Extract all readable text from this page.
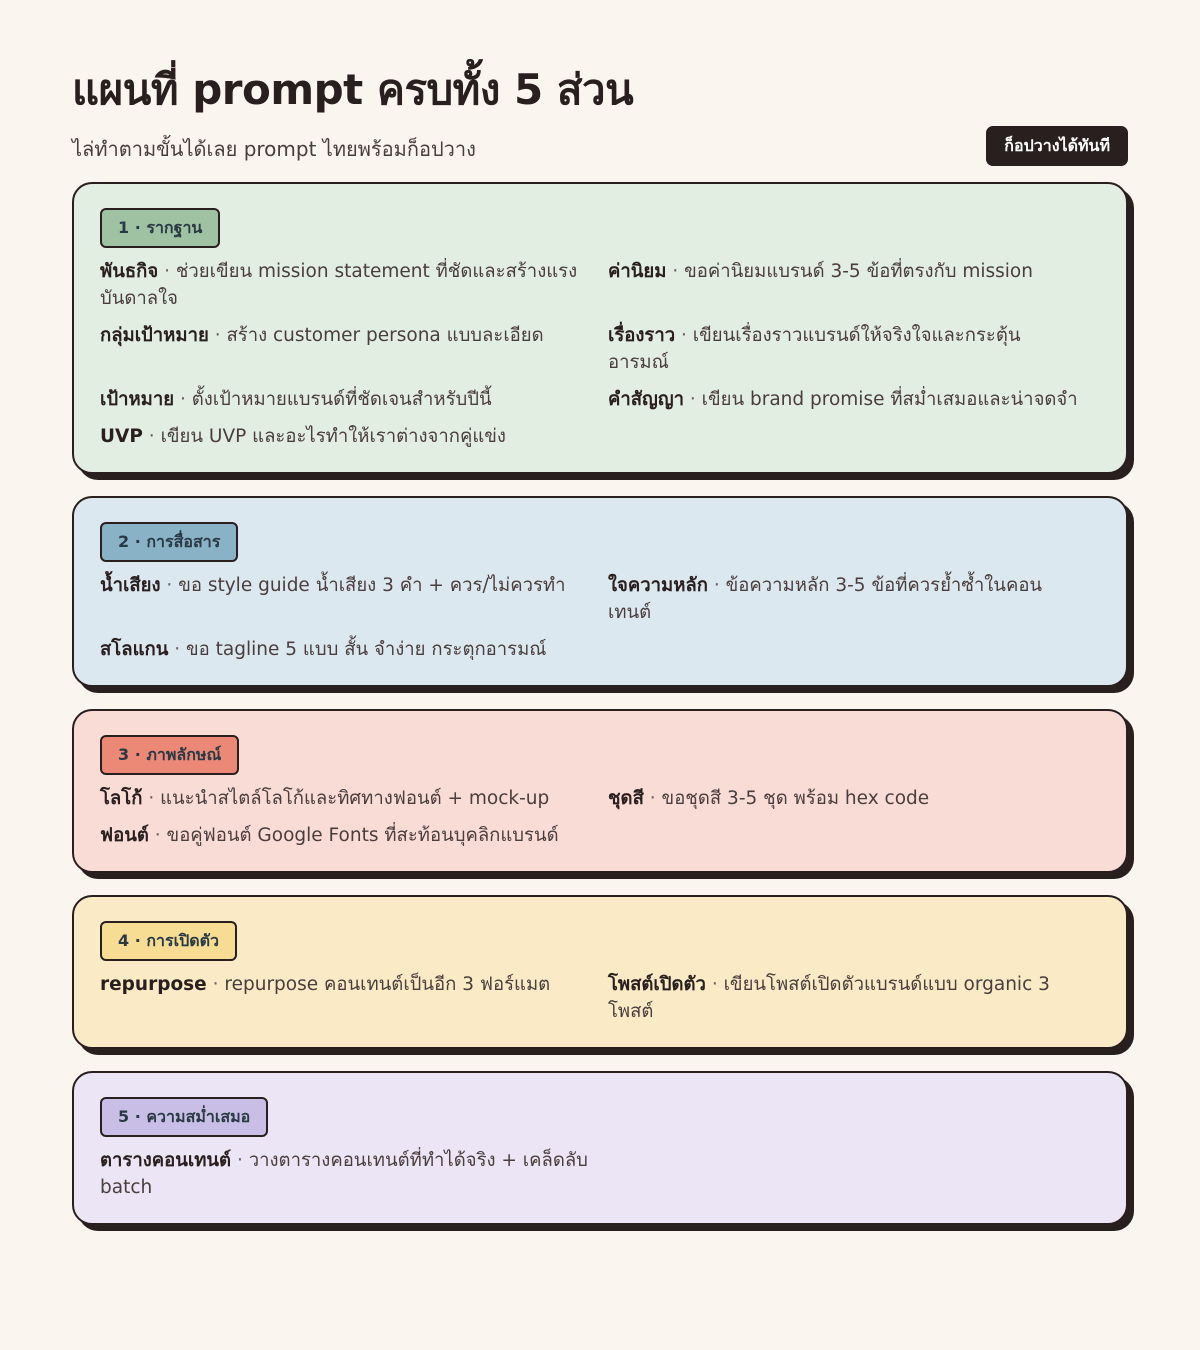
แผนที่ prompt ครบทั้ง 5 ส่วน
ไล่ทำตามขั้นได้เลย prompt ไทยพร้อมก็อปวาง	ก็อปวางได้ทันที
1 · รากฐาน
พันธกิจ · ช่วยเขียน mission statement ที่ชัดและสร้างแรงบันดาลใจ
ค่านิยม · ขอค่านิยมแบรนด์ 3-5 ข้อที่ตรงกับ mission
กลุ่มเป้าหมาย · สร้าง customer persona แบบละเอียด	เรื่องราว · เขียนเรื่องราวแบรนด์ให้จริงใจและกระตุ้นอารมณ์
เป้าหมาย · ตั้งเป้าหมายแบรนด์ที่ชัดเจนสำหรับปีนี้	คำสัญญา · เขียน brand promise ที่สม่ำเสมอและน่าจดจำ
UVP · เขียน UVP และอะไรทำให้เราต่างจากคู่แข่ง
2 · การสื่อสาร
น้ำเสียง · ขอ style guide น้ำเสียง 3 คำ + ควร/ไม่ควรทำ	ใจความหลัก · ข้อความหลัก 3-5 ข้อที่ควรย้ำซ้ำในคอนเทนต์
สโลแกน · ขอ tagline 5 แบบ สั้น จำง่าย กระตุกอารมณ์
3 · ภาพลักษณ์
โลโก้ · แนะนำสไตล์โลโก้และทิศทางฟอนต์ + mock-up	ชุดสี · ขอชุดสี 3-5 ชุด พร้อม hex code
ฟอนต์ · ขอคู่ฟอนต์ Google Fonts ที่สะท้อนบุคลิกแบรนด์
4 · การเปิดตัว
repurpose · repurpose คอนเทนต์เป็นอีก 3 ฟอร์แมต	โพสต์เปิดตัว · เขียนโพสต์เปิดตัวแบรนด์แบบ organic 3 โพสต์
5 · ความสม่ำเสมอ
ตารางคอนเทนต์ · วางตารางคอนเทนต์ที่ทำได้จริง + เคล็ดลับ batch
